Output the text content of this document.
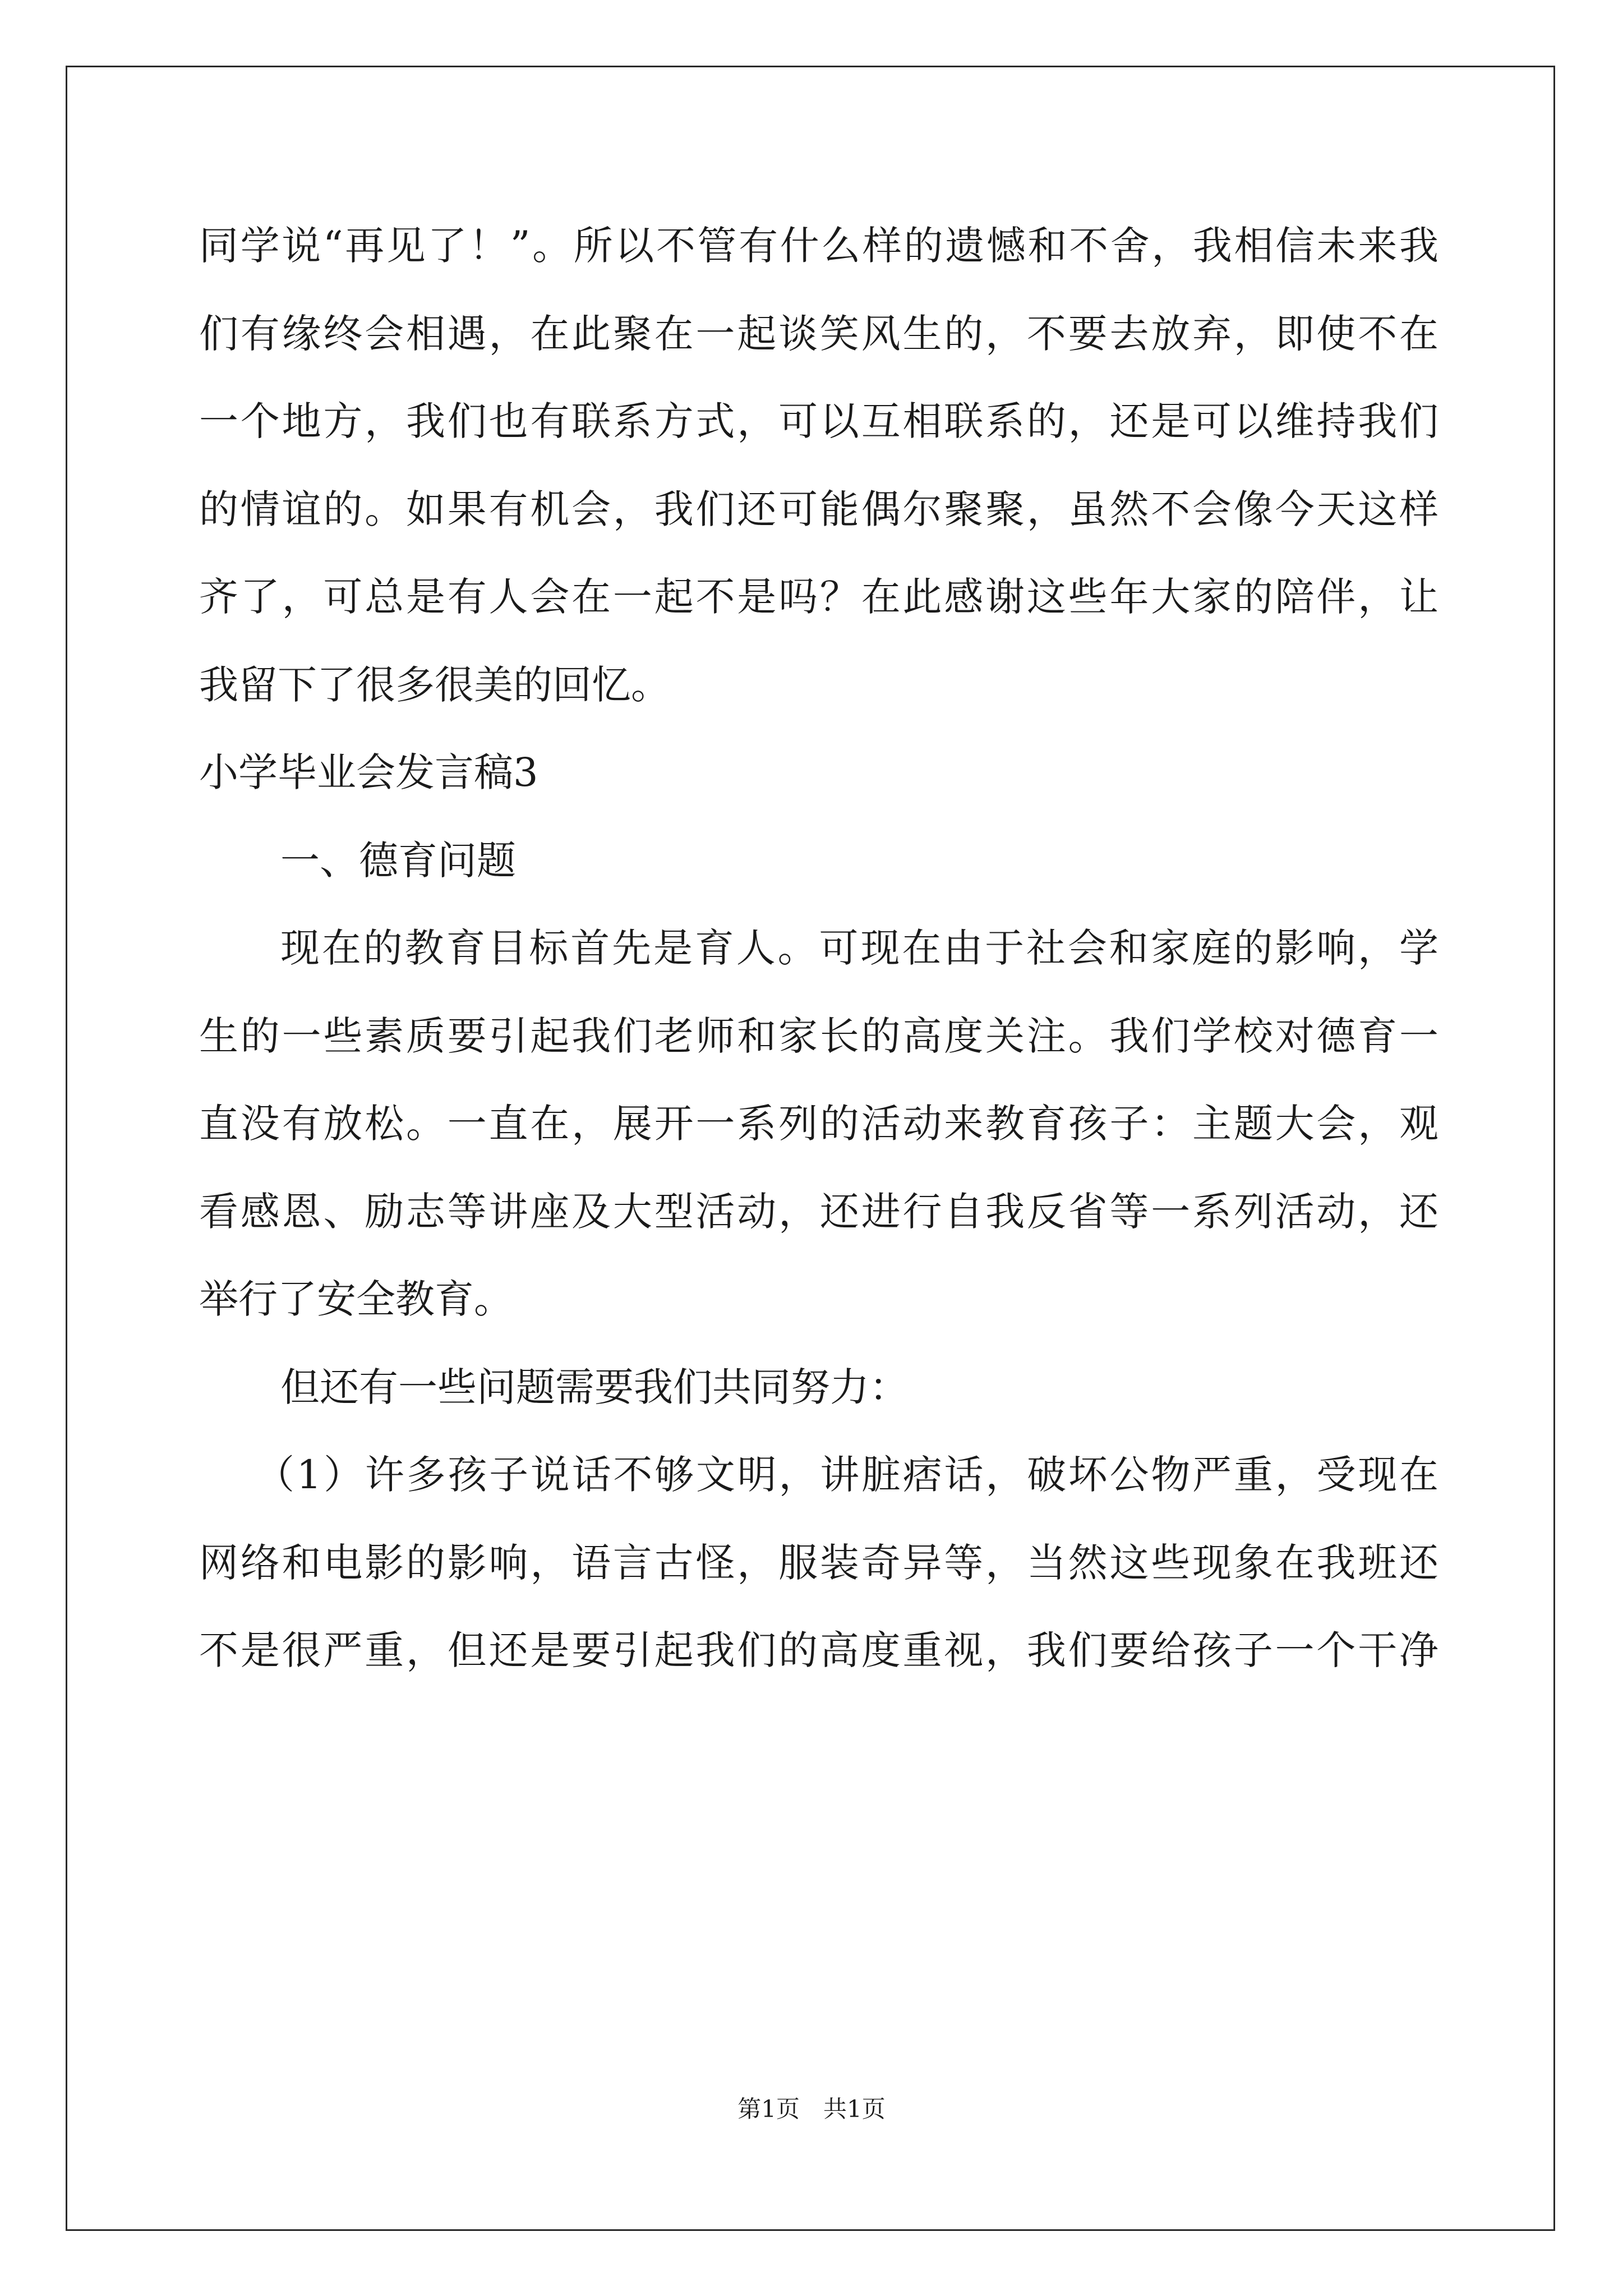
同学说“再见了！”。所以不管有什么样的遗憾和不舍，我相信未来我
们有缘终会相遇，在此聚在一起谈笑风生的，不要去放弃，即使不在
一个地方，我们也有联系方式，可以互相联系的，还是可以维持我们
的情谊的。如果有机会，我们还可能偶尔聚聚，虽然不会像今天这样
齐了，可总是有人会在一起不是吗？在此感谢这些年大家的陪伴，让
我留下了很多很美的回忆。
小学毕业会发言稿3
一、德育问题
现在的教育目标首先是育人。可现在由于社会和家庭的影响，学
生的一些素质要引起我们老师和家长的高度关注。我们学校对德育一
直没有放松。一直在，展开一系列的活动来教育孩子：主题大会，观
看感恩、励志等讲座及大型活动，还进行自我反省等一系列活动，还
举行了安全教育。
但还有一些问题需要我们共同努力：
（1）许多孩子说话不够文明，讲脏痞话，破坏公物严重，受现在
网络和电影的影响，语言古怪，服装奇异等，当然这些现象在我班还
不是很严重，但还是要引起我们的高度重视，我们要给孩子一个干净
第1页　共1页
